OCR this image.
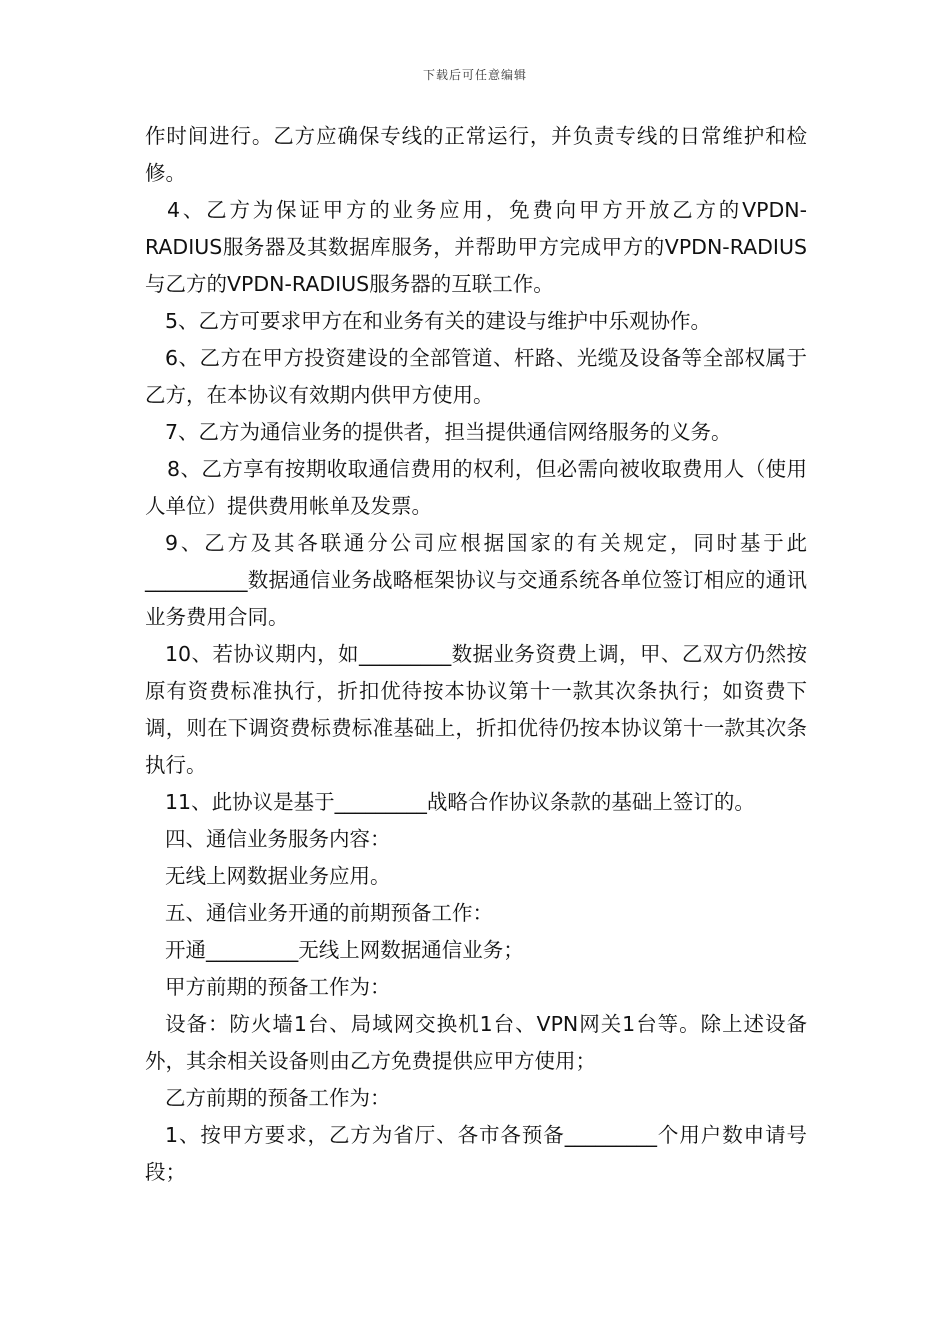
下载后可任意编辑

作时间进行。乙方应确保专线的正常运行，并负责专线的日常维护和检修。

4、乙方为保证甲方的业务应用，免费向甲方开放乙方的VPDN-RADIUS服务器及其数据库服务，并帮助甲方完成甲方的VPDN-RADIUS与乙方的VPDN-RADIUS服务器的互联工作。

5、乙方可要求甲方在和业务有关的建设与维护中乐观协作。

6、乙方在甲方投资建设的全部管道、杆路、光缆及设备等全部权属于乙方，在本协议有效期内供甲方使用。

7、乙方为通信业务的提供者，担当提供通信网络服务的义务。

8、乙方享有按期收取通信费用的权利，但必需向被收取费用人（使用人单位）提供费用帐单及发票。

9、乙方及其各联通分公司应根据国家的有关规定，同时基于此__________数据通信业务战略框架协议与交通系统各单位签订相应的通讯业务费用合同。

10、若协议期内，如_________数据业务资费上调，甲、乙双方仍然按原有资费标准执行，折扣优待按本协议第十一款其次条执行；如资费下调，则在下调资费标费标准基础上，折扣优待仍按本协议第十一款其次条执行。

11、此协议是基于_________战略合作协议条款的基础上签订的。

四、通信业务服务内容：

无线上网数据业务应用。

五、通信业务开通的前期预备工作：

开通_________无线上网数据通信业务；

甲方前期的预备工作为：

设备：防火墙1台、局域网交换机1台、VPN网关1台等。除上述设备外，其余相关设备则由乙方免费提供应甲方使用；

乙方前期的预备工作为：

1、按甲方要求，乙方为省厅、各市各预备_________个用户数申请号段；
